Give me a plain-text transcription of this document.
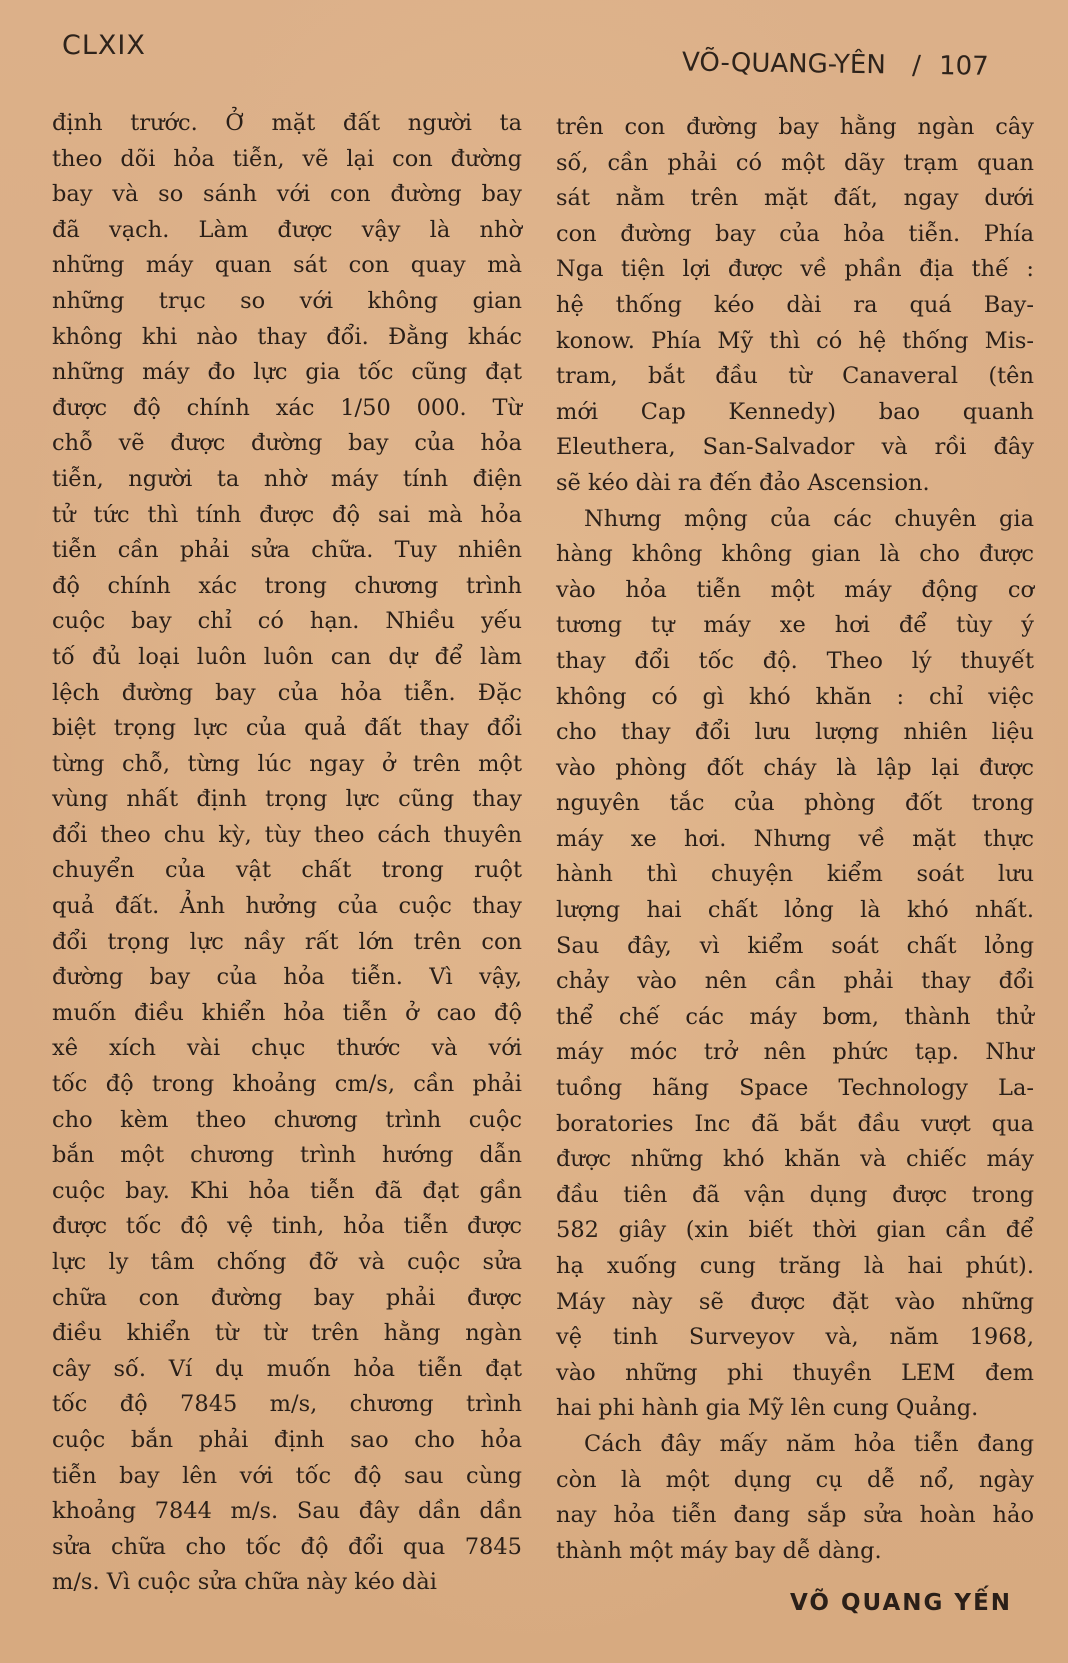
CLXIX
VÕ-QUANG-YÊN / 107
định trước. Ở mặt đất người ta
theo dõi hỏa tiễn, vẽ lại con đường
bay và so sánh với con đường bay
đã vạch. Làm được vậy là nhờ
những máy quan sát con quay mà
những trục so với không gian
không khi nào thay đổi. Đằng khác
những máy đo lực gia tốc cũng đạt
được độ chính xác 1/50 000. Từ
chỗ vẽ được đường bay của hỏa
tiễn, người ta nhờ máy tính điện
tử tức thì tính được độ sai mà hỏa
tiễn cần phải sửa chữa. Tuy nhiên
độ chính xác trong chương trình
cuộc bay chỉ có hạn. Nhiều yếu
tố đủ loại luôn luôn can dự để làm
lệch đường bay của hỏa tiễn. Đặc
biệt trọng lực của quả đất thay đổi
từng chỗ, từng lúc ngay ở trên một
vùng nhất định trọng lực cũng thay
đổi theo chu kỳ, tùy theo cách thuyên
chuyển của vật chất trong ruột
quả đất. Ảnh hưởng của cuộc thay
đổi trọng lực nầy rất lớn trên con
đường bay của hỏa tiễn. Vì vậy,
muốn điều khiển hỏa tiễn ở cao độ
xê xích vài chục thước và với
tốc độ trong khoảng cm/s, cần phải
cho kèm theo chương trình cuộc
bắn một chương trình hướng dẫn
cuộc bay. Khi hỏa tiễn đã đạt gần
được tốc độ vệ tinh, hỏa tiễn được
lực ly tâm chống đỡ và cuộc sửa
chữa con đường bay phải được
điều khiển từ từ trên hằng ngàn
cây số. Ví dụ muốn hỏa tiễn đạt
tốc độ 7845 m/s, chương trình
cuộc bắn phải định sao cho hỏa
tiễn bay lên với tốc độ sau cùng
khoảng 7844 m/s. Sau đây dần dần
sửa chữa cho tốc độ đổi qua 7845
m/s. Vì cuộc sửa chữa này kéo dài
trên con đường bay hằng ngàn cây
số, cần phải có một dãy trạm quan
sát nằm trên mặt đất, ngay dưới
con đường bay của hỏa tiễn. Phía
Nga tiện lợi được về phần địa thế :
hệ thống kéo dài ra quá Bay-
konow. Phía Mỹ thì có hệ thống Mis-
tram, bắt đầu từ Canaveral (tên
mới Cap Kennedy) bao quanh
Eleuthera, San-Salvador và rồi đây
sẽ kéo dài ra đến đảo Ascension.
Nhưng mộng của các chuyên gia
hàng không không gian là cho được
vào hỏa tiễn một máy động cơ
tương tự máy xe hơi để tùy ý
thay đổi tốc độ. Theo lý thuyết
không có gì khó khăn : chỉ việc
cho thay đổi lưu lượng nhiên liệu
vào phòng đốt cháy là lập lại được
nguyên tắc của phòng đốt trong
máy xe hơi. Nhưng về mặt thực
hành thì chuyện kiểm soát lưu
lượng hai chất lỏng là khó nhất.
Sau đây, vì kiểm soát chất lỏng
chảy vào nên cần phải thay đổi
thể chế các máy bơm, thành thử
máy móc trở nên phức tạp. Như
tuồng hãng Space Technology La-
boratories Inc đã bắt đầu vượt qua
được những khó khăn và chiếc máy
đầu tiên đã vận dụng được trong
582 giây (xin biết thời gian cần để
hạ xuống cung trăng là hai phút).
Máy này sẽ được đặt vào những
vệ tinh Surveyov và, năm 1968,
vào những phi thuyền LEM đem
hai phi hành gia Mỹ lên cung Quảng.
Cách đây mấy năm hỏa tiễn đang
còn là một dụng cụ dễ nổ, ngày
nay hỏa tiễn đang sắp sửa hoàn hảo
thành một máy bay dễ dàng.
VÕ QUANG YẾN
